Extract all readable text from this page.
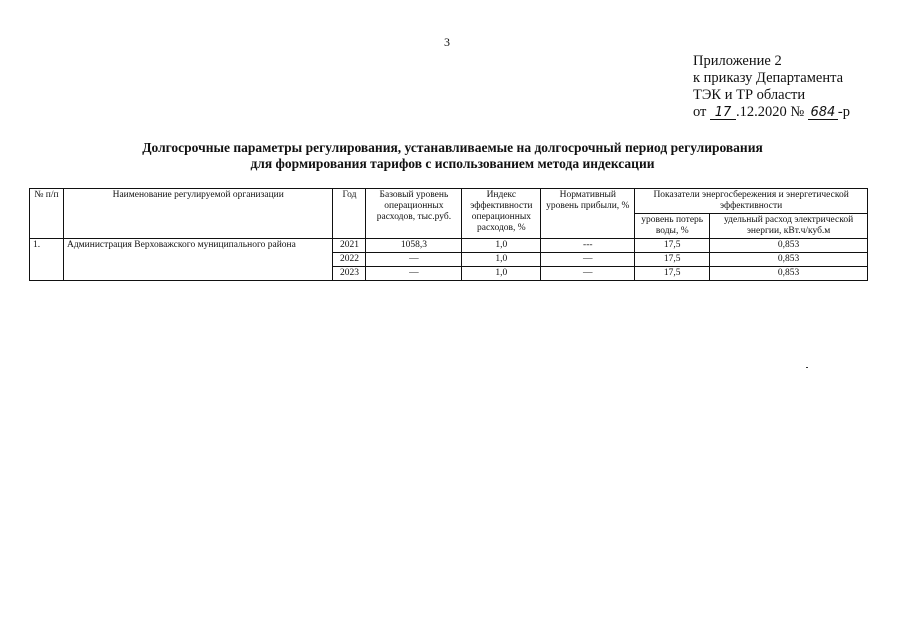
3
Приложение 2
к приказу Департамента
ТЭК и ТР области
от 17 .12.2020 № 684 -р
Долгосрочные параметры регулирования, устанавливаемые на долгосрочный период регулирования
для формирования тарифов с использованием метода индексации
№ п/п	Наименование регулируемой организации	Год	Базовый уровень операционных расходов, тыс.руб.	Индекс эффективности операционных расходов, %	Нормативный уровень прибыли, %	Показатели энергосбережения и энергетической эффективности	
						уровень потерь воды, %	удельный расход электрической энергии, кВт.ч/куб.м
1.	Администрация Верховажского муниципального района	2021	1058,3	1,0	---	17,5	0,853
		2022	—	1,0	—	17,5	0,853
		2023	—	1,0	—	17,5	0,853
